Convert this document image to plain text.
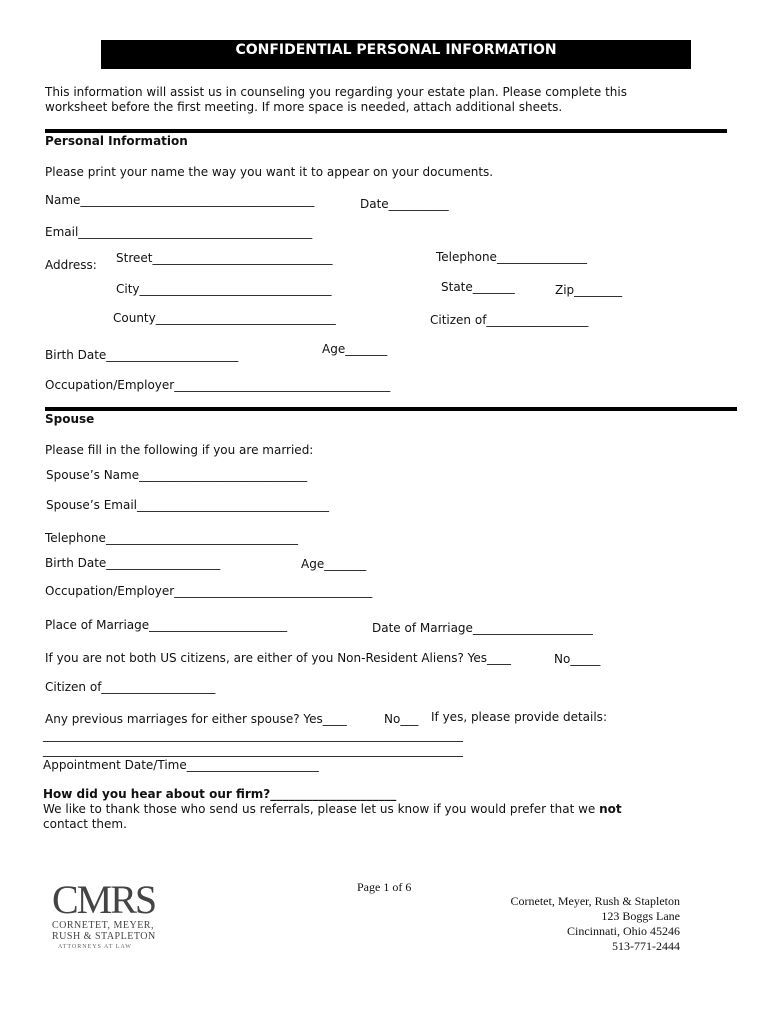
CONFIDENTIAL PERSONAL INFORMATION
This information will assist us in counseling you regarding your estate plan. Please complete this
worksheet before the first meeting. If more space is needed, attach additional sheets.
Personal Information
Please print your name the way you want it to appear on your documents.
Name_______________________________________	Date__________
Email_______________________________________
Address: Street______________________________	Telephone_______________
City________________________________	State_______	Zip________
County______________________________	Citizen of_________________
Birth Date______________________	Age_______
Occupation/Employer____________________________________
Spouse
Please fill in the following if you are married:
Spouse’s Name____________________________
Spouse’s Email________________________________
Telephone________________________________
Birth Date___________________	Age_______
Occupation/Employer_________________________________
Place of Marriage_______________________	Date of Marriage____________________
If you are not both US citizens, are either of you Non-Resident Aliens? Yes____	No_____
Citizen of___________________
Any previous marriages for either spouse? Yes____	No___ If yes, please provide details:
______________________________________________________________________
______________________________________________________________________
Appointment Date/Time______________________
How did you hear about our firm?_____________________
We like to thank those who send us referrals, please let us know if you would prefer that we not
contact them.
Page 1 of 6
CMRS
CORNETET, MEYER,
RUSH & STAPLETON
ATTORNEYS AT LAW
Cornetet, Meyer, Rush & Stapleton
123 Boggs Lane
Cincinnati, Ohio 45246
513-771-2444
